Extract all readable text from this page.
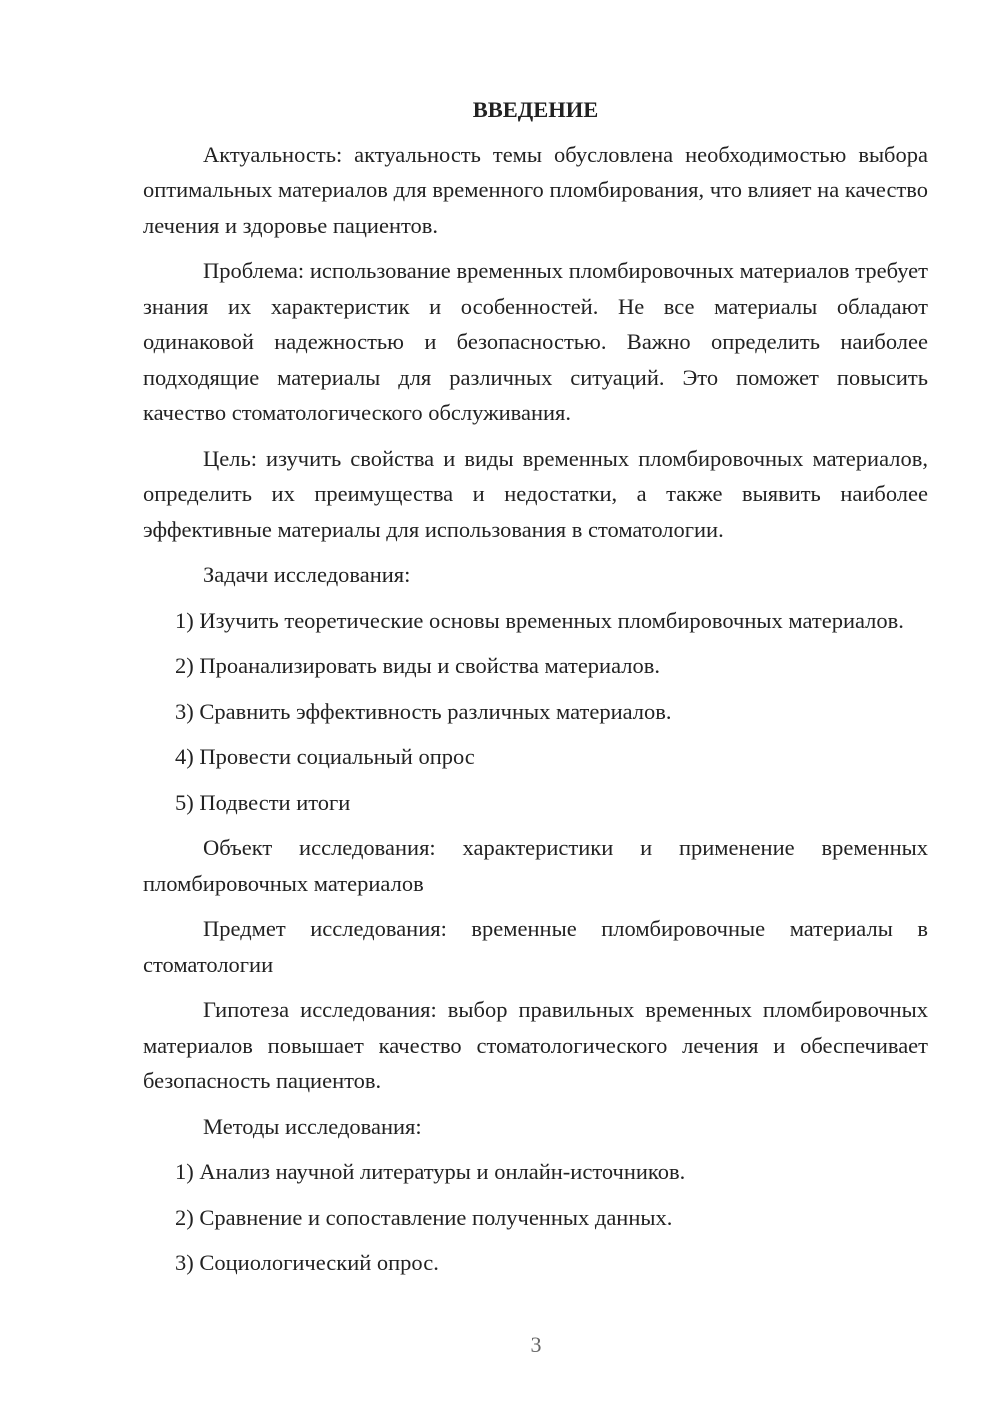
ВВЕДЕНИЕ

Актуальность: актуальность темы обусловлена необходимостью выбора оптимальных материалов для временного пломбирования, что влияет на качество лечения и здоровье пациентов.

Проблема: использование временных пломбировочных материалов требует знания их характеристик и особенностей. Не все материалы обладают одинаковой надежностью и безопасностью. Важно определить наиболее подходящие материалы для различных ситуаций. Это поможет повысить качество стоматологического обслуживания.

Цель: изучить свойства и виды временных пломбировочных материалов, определить их преимущества и недостатки, а также выявить наиболее эффективные материалы для использования в стоматологии.

Задачи исследования:

1) Изучить теоретические основы временных пломбировочных материалов.

2) Проанализировать виды и свойства материалов.

3) Сравнить эффективность различных материалов.

4) Провести социальный опрос

5) Подвести итоги

Объект исследования: характеристики и применение временных пломбировочных материалов

Предмет исследования: временные пломбировочные материалы в стоматологии

Гипотеза исследования: выбор правильных временных пломбировочных материалов повышает качество стоматологического лечения и обеспечивает безопасность пациентов.

Методы исследования:

1) Анализ научной литературы и онлайн-источников.

2) Сравнение и сопоставление полученных данных.

3) Социологический опрос.

3
